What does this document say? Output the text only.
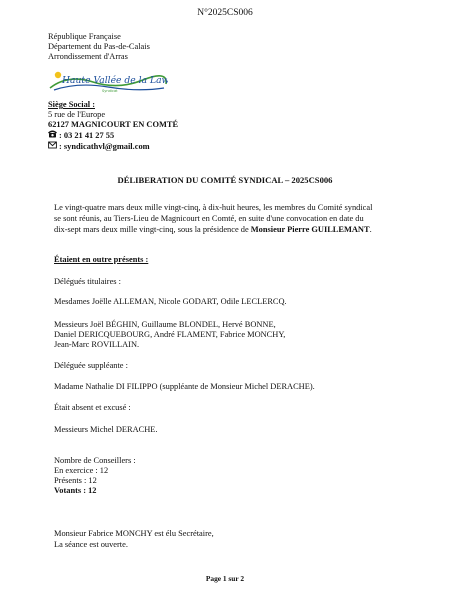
N°2025CS006
République Française
Département du Pas-de-Calais
Arrondissement d'Arras
Haute Vallée de la Lawe
Syndicat
Siège Social :
5 rue de l'Europe
62127 MAGNICOURT EN COMTÉ
: 03 21 41 27 55
: syndicathvl@gmail.com
DÉLIBERATION DU COMITÉ SYNDICAL – 2025CS006
Le vingt-quatre mars deux mille vingt-cinq, à dix-huit heures, les membres du Comité syndical
se sont réunis, au Tiers-Lieu de Magnicourt en Comté, en suite d'une convocation en date du
dix-sept mars deux mille vingt-cinq, sous la présidence de Monsieur Pierre GUILLEMANT.
Étaient en outre présents :
Délégués titulaires :
Mesdames Joëlle ALLEMAN, Nicole GODART, Odile LECLERCQ.
Messieurs Joël BÉGHIN, Guillaume BLONDEL, Hervé BONNE,
Daniel DERICQUEBOURG, André FLAMENT, Fabrice MONCHY,
Jean-Marc ROVILLAIN.
Déléguée suppléante :
Madame Nathalie DI FILIPPO (suppléante de Monsieur Michel DERACHE).
Était absent et excusé :
Messieurs Michel DERACHE.
Nombre de Conseillers :
En exercice : 12
Présents : 12
Votants : 12
Monsieur Fabrice MONCHY est élu Secrétaire,
La séance est ouverte.
Page 1 sur 2
